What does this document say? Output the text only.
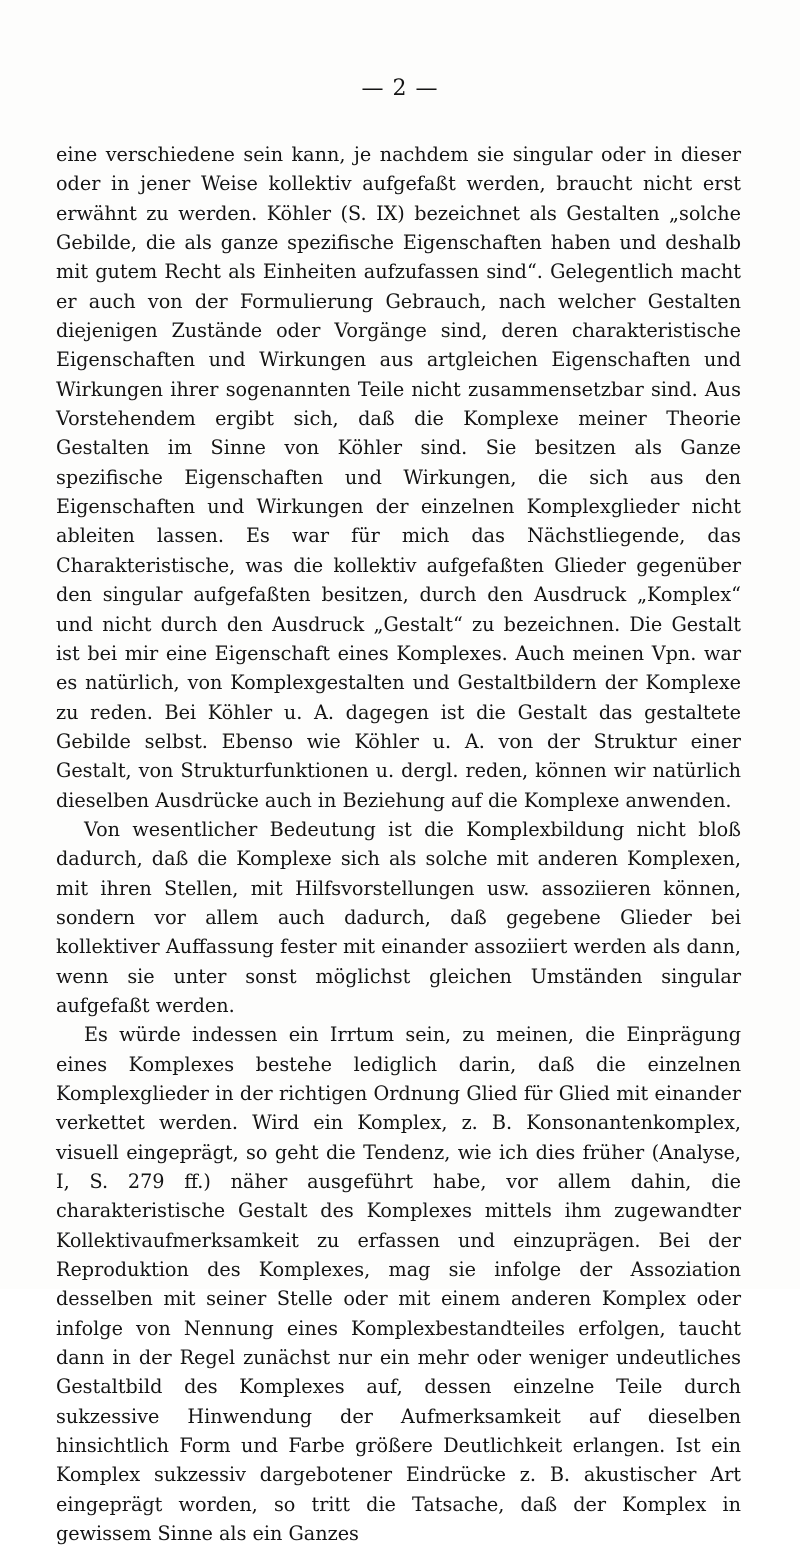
— 2 —

eine verschiedene sein kann, je nachdem sie singular oder in dieser oder in jener Weise kollektiv aufgefaßt werden, braucht nicht erst erwähnt zu werden. Köhler (S. IX) bezeichnet als Gestalten „solche Gebilde, die als ganze spezifische Eigenschaften haben und deshalb mit gutem Recht als Einheiten aufzufassen sind“. Gelegentlich macht er auch von der Formulierung Gebrauch, nach welcher Gestalten diejenigen Zustände oder Vorgänge sind, deren charakteristische Eigenschaften und Wirkungen aus artgleichen Eigenschaften und Wirkungen ihrer sogenannten Teile nicht zusammensetzbar sind. Aus Vorstehendem ergibt sich, daß die Komplexe meiner Theorie Gestalten im Sinne von Köhler sind. Sie besitzen als Ganze spezifische Eigenschaften und Wirkungen, die sich aus den Eigenschaften und Wirkungen der einzelnen Komplexglieder nicht ableiten lassen. Es war für mich das Nächstliegende, das Charakteristische, was die kollektiv aufgefaßten Glieder gegenüber den singular aufgefaßten besitzen, durch den Ausdruck „Komplex“ und nicht durch den Ausdruck „Gestalt“ zu bezeichnen. Die Gestalt ist bei mir eine Eigenschaft eines Komplexes. Auch meinen Vpn. war es natürlich, von Komplexgestalten und Gestaltbildern der Komplexe zu reden. Bei Köhler u. A. dagegen ist die Gestalt das gestaltete Gebilde selbst. Ebenso wie Köhler u. A. von der Struktur einer Gestalt, von Strukturfunktionen u. dergl. reden, können wir natürlich dieselben Ausdrücke auch in Beziehung auf die Komplexe anwenden.

Von wesentlicher Bedeutung ist die Komplexbildung nicht bloß dadurch, daß die Komplexe sich als solche mit anderen Komplexen, mit ihren Stellen, mit Hilfsvorstellungen usw. assoziieren können, sondern vor allem auch dadurch, daß gegebene Glieder bei kollektiver Auffassung fester mit einander assoziiert werden als dann, wenn sie unter sonst möglichst gleichen Umständen singular aufgefaßt werden.

Es würde indessen ein Irrtum sein, zu meinen, die Einprägung eines Komplexes bestehe lediglich darin, daß die einzelnen Komplexglieder in der richtigen Ordnung Glied für Glied mit einander verkettet werden. Wird ein Komplex, z. B. Konsonantenkomplex, visuell eingeprägt, so geht die Tendenz, wie ich dies früher (Analyse, I, S. 279 ff.) näher ausgeführt habe, vor allem dahin, die charakteristische Gestalt des Komplexes mittels ihm zugewandter Kollektivaufmerksamkeit zu erfassen und einzuprägen. Bei der Reproduktion des Komplexes, mag sie infolge der Assoziation desselben mit seiner Stelle oder mit einem anderen Komplex oder infolge von Nennung eines Komplexbestandteiles erfolgen, taucht dann in der Regel zunächst nur ein mehr oder weniger undeutliches Gestaltbild des Komplexes auf, dessen einzelne Teile durch sukzessive Hinwendung der Aufmerksamkeit auf dieselben hinsichtlich Form und Farbe größere Deutlichkeit erlangen. Ist ein Komplex sukzessiv dargebotener Eindrücke z. B. akustischer Art eingeprägt worden, so tritt die Tatsache, daß der Komplex in gewissem Sinne als ein Ganzes
